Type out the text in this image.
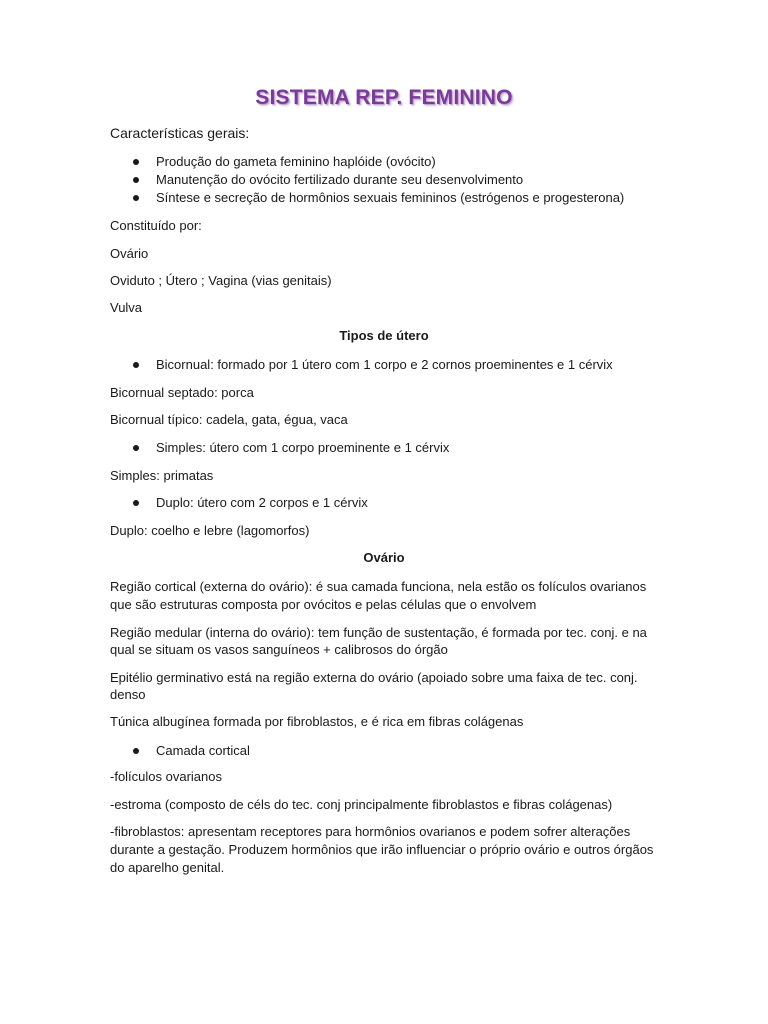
SISTEMA REP. FEMININO
Características gerais:
Produção do gameta feminino haplóide (ovócito)
Manutenção do ovócito fertilizado durante seu desenvolvimento
Síntese e secreção de hormônios sexuais femininos (estrógenos e progesterona)
Constituído por:
Ovário
Oviduto ; Útero ; Vagina (vias genitais)
Vulva
Tipos de útero
Bicornual: formado por 1 útero com 1 corpo e 2 cornos proeminentes e 1 cérvix
Bicornual septado: porca
Bicornual típico: cadela, gata, égua, vaca
Simples: útero com 1 corpo proeminente e 1 cérvix
Simples: primatas
Duplo: útero com 2 corpos e 1 cérvix
Duplo: coelho e lebre (lagomorfos)
Ovário
Região cortical (externa do ovário): é sua camada funciona, nela estão os folículos ovarianos
que são estruturas composta por ovócitos e pelas células que o envolvem
Região medular (interna do ovário): tem função de sustentação, é formada por tec. conj. e na
qual se situam os vasos sanguíneos + calibrosos do órgão
Epitélio germinativo está na região externa do ovário (apoiado sobre uma faixa de tec. conj.
denso
Túnica albugínea formada por fibroblastos, e é rica em fibras colágenas
Camada cortical
-folículos ovarianos
-estroma (composto de céls do tec. conj principalmente fibroblastos e fibras colágenas)
-fibroblastos: apresentam receptores para hormônios ovarianos e podem sofrer alterações
durante a gestação. Produzem hormônios que irão influenciar o próprio ovário e outros órgãos
do aparelho genital.
